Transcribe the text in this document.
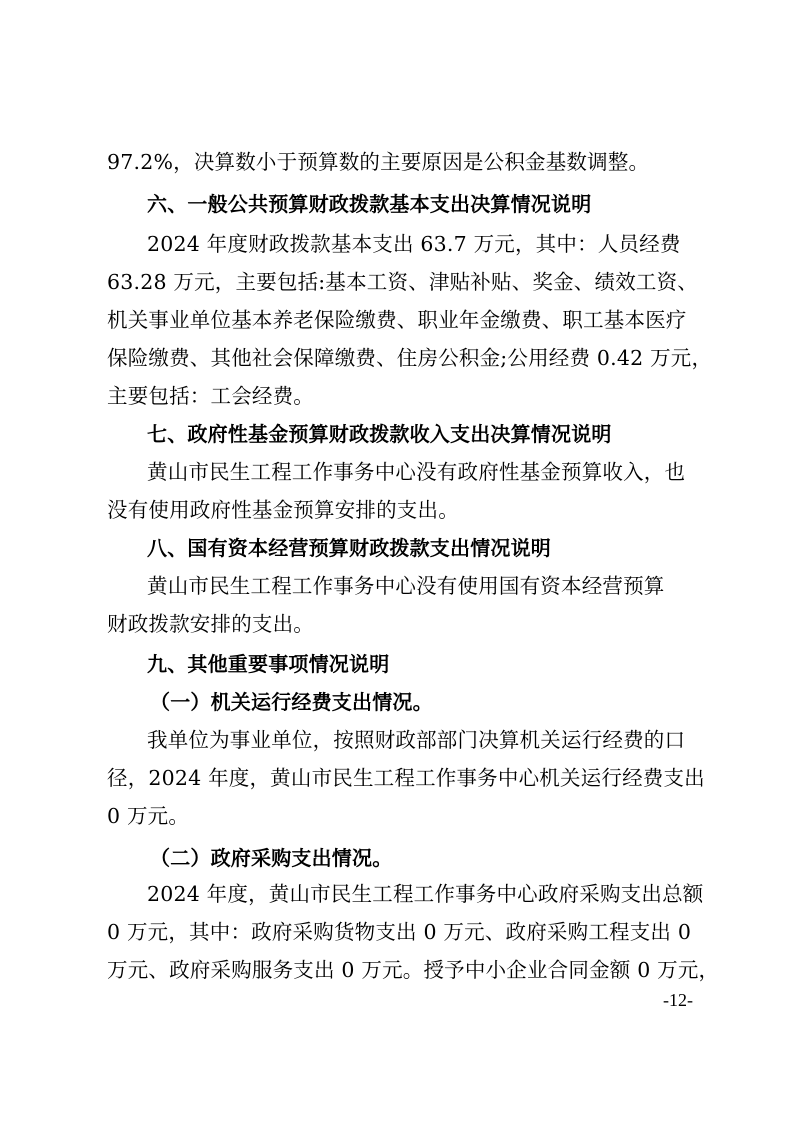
97.2%，决算数小于预算数的主要原因是公积金基数调整。
六、一般公共预算财政拨款基本支出决算情况说明
2024 年度财政拨款基本支出 63.7 万元，其中：人员经费
63.28 万元，主要包括:基本工资、津贴补贴、奖金、绩效工资、
机关事业单位基本养老保险缴费、职业年金缴费、职工基本医疗
保险缴费、其他社会保障缴费、住房公积金;公用经费 0.42 万元，
主要包括：工会经费。
七、政府性基金预算财政拨款收入支出决算情况说明
黄山市民生工程工作事务中心没有政府性基金预算收入，也
没有使用政府性基金预算安排的支出。
八、国有资本经营预算财政拨款支出情况说明
黄山市民生工程工作事务中心没有使用国有资本经营预算
财政拨款安排的支出。
九、其他重要事项情况说明
（一）机关运行经费支出情况。
我单位为事业单位，按照财政部部门决算机关运行经费的口
径，2024 年度，黄山市民生工程工作事务中心机关运行经费支出
0 万元。
（二）政府采购支出情况。
2024 年度，黄山市民生工程工作事务中心政府采购支出总额
0 万元，其中：政府采购货物支出 0 万元、政府采购工程支出 0
万元、政府采购服务支出 0 万元。授予中小企业合同金额 0 万元，
-12-
